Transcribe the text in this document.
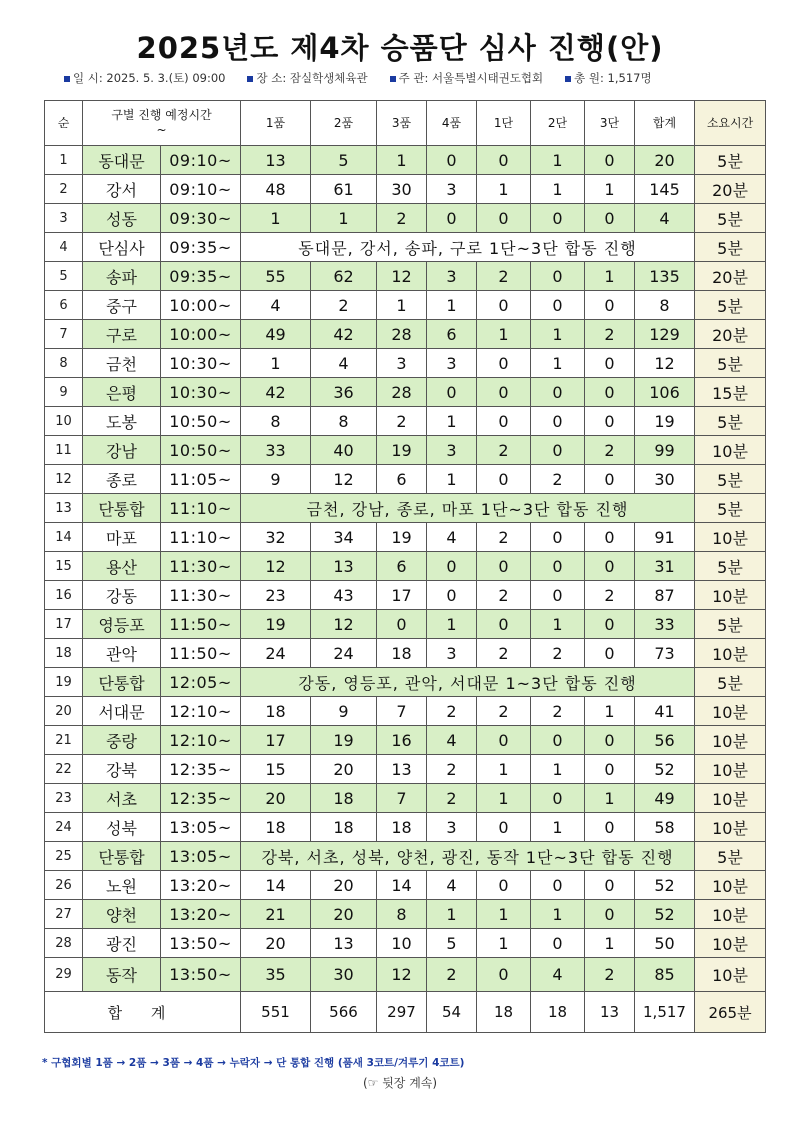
2025년도 제4차 승품단 심사 진행(안)
일 시: 2025. 5. 3.(토) 09:00	장 소: 잠실학생체육관	주 관: 서울특별시태권도협회	총 원: 1,517명
순	구별 진행 예정시간
~		1품	2품	3품	4품	1단	2단	3단	합계	소요시간
1	동대문	09:10~	13	5	1	0	0	1	0	20	5분
2	강서	09:10~	48	61	30	3	1	1	1	145	20분
3	성동	09:30~	1	1	2	0	0	0	0	4	5분
4	단심사	09:35~	동대문, 강서, 송파, 구로 1단~3단 합동 진행								5분
5	송파	09:35~	55	62	12	3	2	0	1	135	20분
6	중구	10:00~	4	2	1	1	0	0	0	8	5분
7	구로	10:00~	49	42	28	6	1	1	2	129	20분
8	금천	10:30~	1	4	3	3	0	1	0	12	5분
9	은평	10:30~	42	36	28	0	0	0	0	106	15분
10	도봉	10:50~	8	8	2	1	0	0	0	19	5분
11	강남	10:50~	33	40	19	3	2	0	2	99	10분
12	종로	11:05~	9	12	6	1	0	2	0	30	5분
13	단통합	11:10~	금천, 강남, 종로, 마포 1단~3단 합동 진행								5분
14	마포	11:10~	32	34	19	4	2	0	0	91	10분
15	용산	11:30~	12	13	6	0	0	0	0	31	5분
16	강동	11:30~	23	43	17	0	2	0	2	87	10분
17	영등포	11:50~	19	12	0	1	0	1	0	33	5분
18	관악	11:50~	24	24	18	3	2	2	0	73	10분
19	단통합	12:05~	강동, 영등포, 관악, 서대문 1~3단 합동 진행								5분
20	서대문	12:10~	18	9	7	2	2	2	1	41	10분
21	중랑	12:10~	17	19	16	4	0	0	0	56	10분
22	강북	12:35~	15	20	13	2	1	1	0	52	10분
23	서초	12:35~	20	18	7	2	1	0	1	49	10분
24	성북	13:05~	18	18	18	3	0	1	0	58	10분
25	단통합	13:05~	강북, 서초, 성북, 양천, 광진, 동작 1단~3단 합동 진행								5분
26	노원	13:20~	14	20	14	4	0	0	0	52	10분
27	양천	13:20~	21	20	8	1	1	1	0	52	10분
28	광진	13:50~	20	13	10	5	1	0	1	50	10분
29	동작	13:50~	35	30	12	2	0	4	2	85	10분
합 계			551	566	297	54	18	18	13	1,517	265분
* 구협회별 1품 → 2품 → 3품 → 4품 → 누락자 → 단 통합 진행 (품새 3코트/겨루기 4코트)
(☞ 뒷장 계속)
